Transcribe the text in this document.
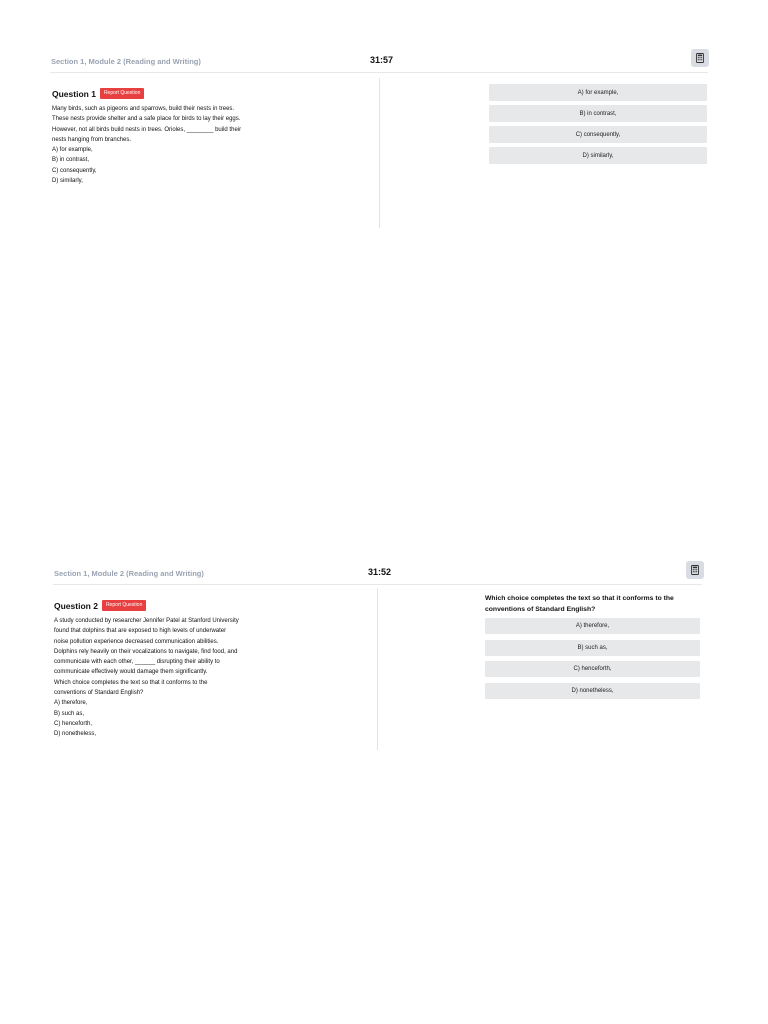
Section 1, Module 2 (Reading and Writing)	31:57
Question 1	Report Question
Many birds, such as pigeons and sparrows, build their nests in trees.
These nests provide shelter and a safe place for birds to lay their eggs.
However, not all birds build nests in trees. Orioles, ________ build their
nests hanging from branches.
A) for example,
B) in contrast,
C) consequently,
D) similarly,
A) for example,
B) in contrast,
C) consequently,
D) similarly,
Section 1, Module 2 (Reading and Writing)	31:52
Question 2	Report Question
A study conducted by researcher Jennifer Patel at Stanford University
found that dolphins that are exposed to high levels of underwater
noise pollution experience decreased communication abilities.
Dolphins rely heavily on their vocalizations to navigate, find food, and
communicate with each other, ______ disrupting their ability to
communicate effectively would damage them significantly.
Which choice completes the text so that it conforms to the
conventions of Standard English?
A) therefore,
B) such as,
C) henceforth,
D) nonetheless,
Which choice completes the text so that it conforms to the conventions of Standard English?
A) therefore,
B) such as,
C) henceforth,
D) nonetheless,
